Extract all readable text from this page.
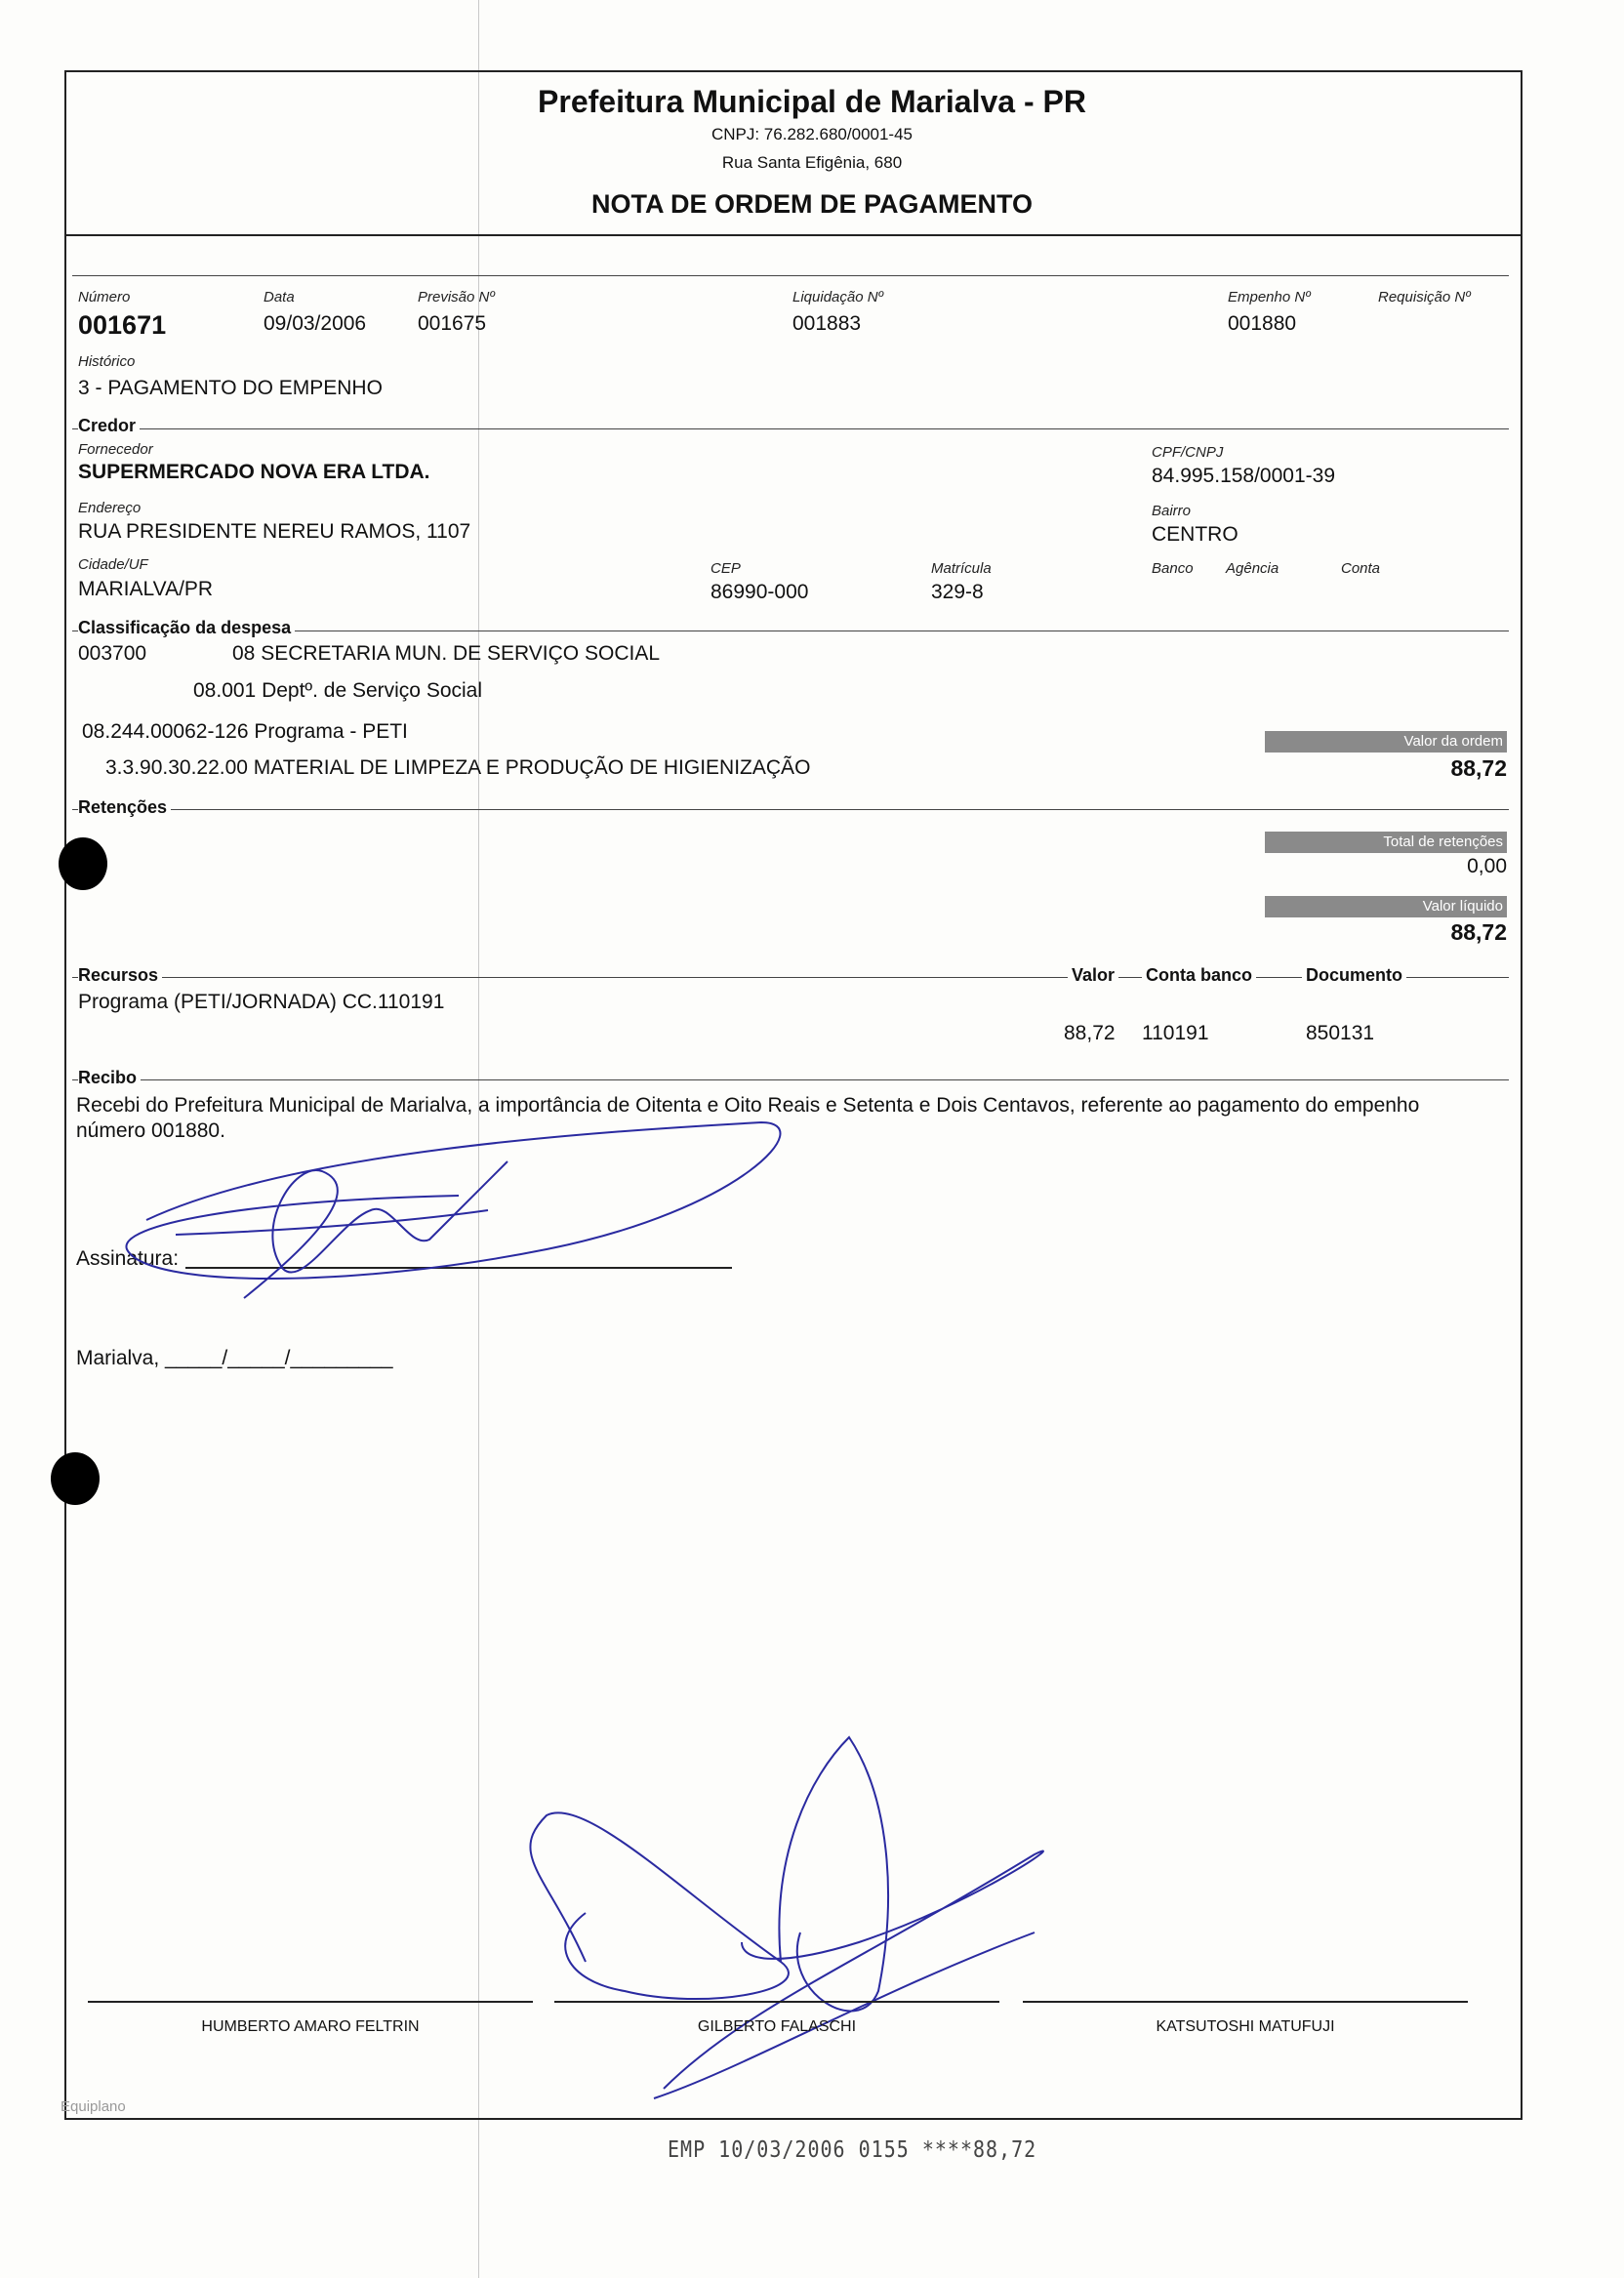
Prefeitura Municipal de Marialva - PR
CNPJ: 76.282.680/0001-45
Rua Santa Efigênia, 680
NOTA DE ORDEM DE PAGAMENTO
Número
001671
Data
09/03/2006
Previsão Nº
001675
Liquidação Nº
001883
Empenho Nº
001880
Requisição Nº
Histórico
3 - PAGAMENTO DO EMPENHO
Credor
Fornecedor
SUPERMERCADO NOVA ERA LTDA.
CPF/CNPJ
84.995.158/0001-39
Endereço
RUA PRESIDENTE NEREU RAMOS, 1107
Bairro
CENTRO
Cidade/UF
MARIALVA/PR
CEP
86990-000
Matrícula
329-8
Banco Agência	Conta
Classificação da despesa
003700	08 SECRETARIA MUN. DE SERVIÇO SOCIAL
08.001 Deptº. de Serviço Social
08.244.00062-126 Programa - PETI
3.3.90.30.22.00 MATERIAL DE LIMPEZA E PRODUÇÃO DE HIGIENIZAÇÃO
Valor da ordem
88,72
Retenções
Total de retenções
0,00
Valor líquido
88,72
Recursos	Valor Conta banco	Documento
Programa (PETI/JORNADA) CC.110191
88,72 110191	850131
Recibo
Recebi do Prefeitura Municipal de Marialva, a importância de Oitenta e Oito Reais e Setenta e Dois Centavos, referente ao pagamento do empenho número 001880.
Assinatura:
Marialva, _____/_____/_________
HUMBERTO AMARO FELTRIN	GILBERTO FALASCHI	KATSUTOSHI MATUFUJI
Equiplano
EMP 10/03/2006 0155 ****88,72
